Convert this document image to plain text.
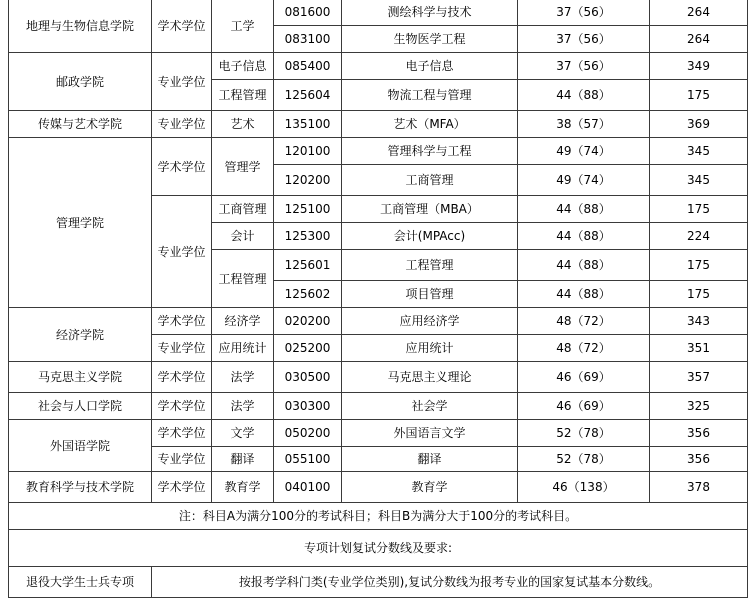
地理与生物信息学院	学术学位	工学	081600	测绘科学与技术	37（56）	264
			083100	生物医学工程	37（56）	264
邮政学院	专业学位	电子信息	085400	电子信息	37（56）	349
		工程管理	125604	物流工程与管理	44（88）	175
传媒与艺术学院	专业学位	艺术	135100	艺术（MFA）	38（57）	369
管理学院	学术学位	管理学	120100	管理科学与工程	49（74）	345
			120200	工商管理	49（74）	345
	专业学位	工商管理	125100	工商管理（MBA）	44（88）	175
		会计	125300	会计(MPAcc)	44（88）	224
		工程管理	125601	工程管理	44（88）	175
			125602	项目管理	44（88）	175
经济学院	学术学位	经济学	020200	应用经济学	48（72）	343
	专业学位	应用统计	025200	应用统计	48（72）	351
马克思主义学院	学术学位	法学	030500	马克思主义理论	46（69）	357
社会与人口学院	学术学位	法学	030300	社会学	46（69）	325
外国语学院	学术学位	文学	050200	外国语言文学	52（78）	356
	专业学位	翻译	055100	翻译	52（78）	356
教育科学与技术学院	学术学位	教育学	040100	教育学	46（138）	378
注：科目A为满分100分的考试科目；科目B为满分大于100分的考试科目。						
专项计划复试分数线及要求:						
退役大学生士兵专项	按报考学科门类(专业学位类别),复试分数线为报考专业的国家复试基本分数线。					
